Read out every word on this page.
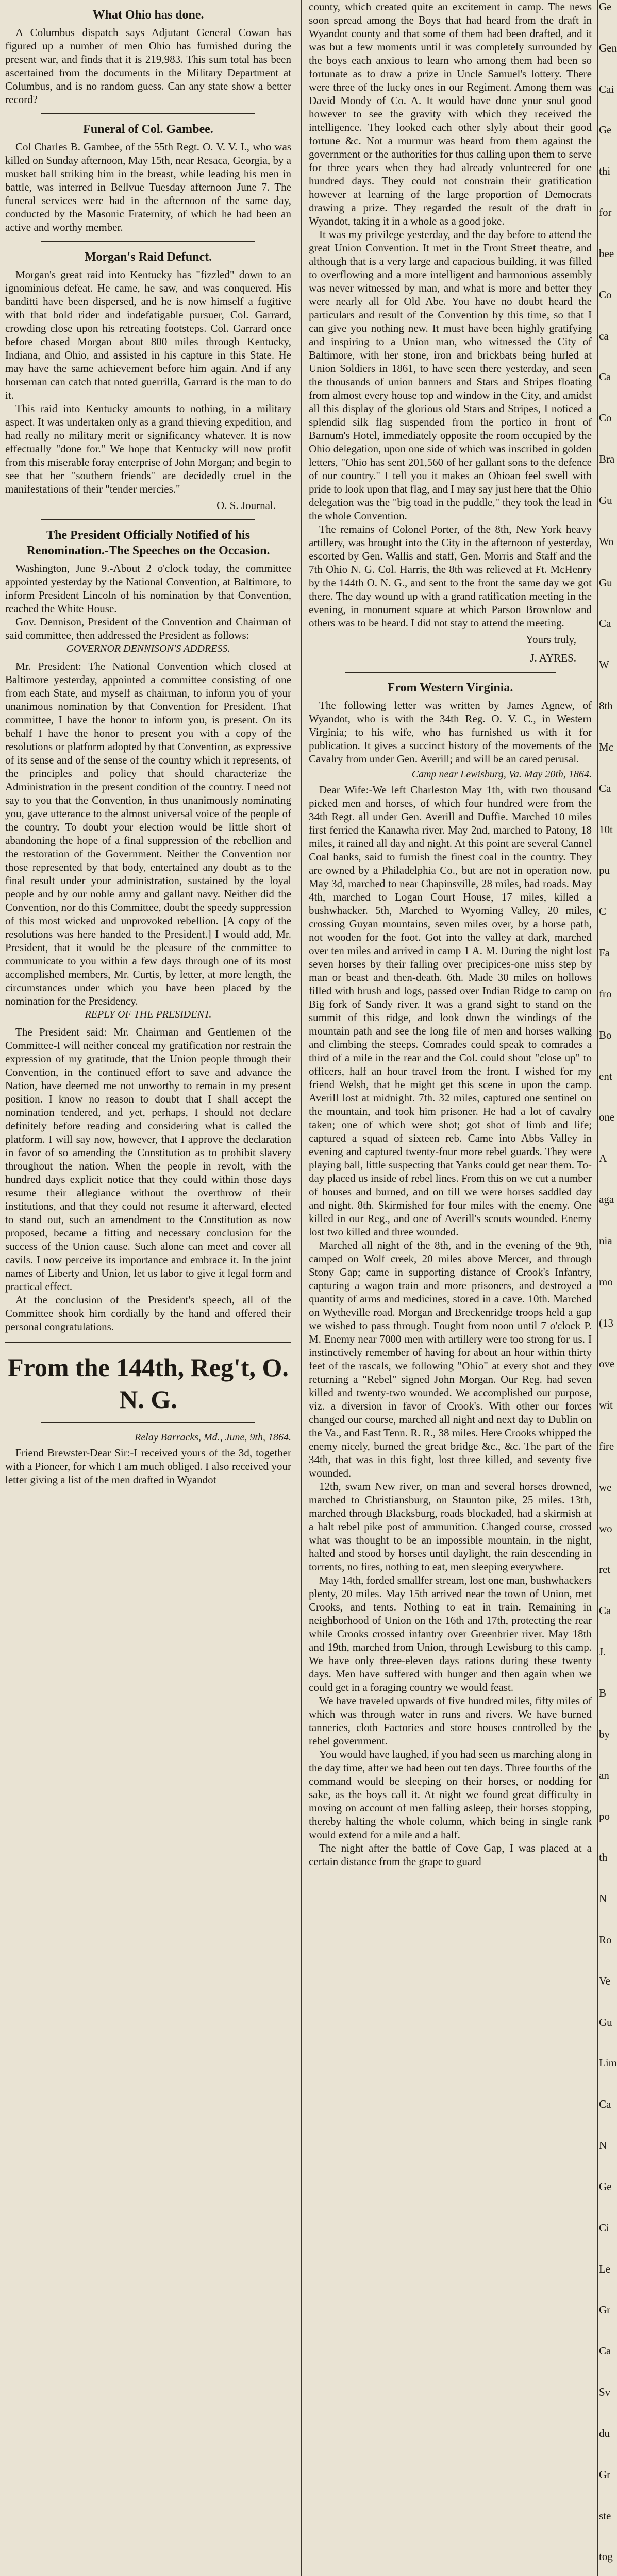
What Ohio has done.

A Columbus dispatch says Adjutant General Cowan has figured up a number of men Ohio has furnished during the present war, and finds that it is 219,983. This sum total has been ascertained from the documents in the Military Department at Columbus, and is no random guess. Can any state show a better record?

Funeral of Col. Gambee.

Col Charles B. Gambee, of the 55th Regt. O. V. V. I., who was killed on Sunday afternoon, May 15th, near Resaca, Georgia, by a musket ball striking him in the breast, while leading his men in battle, was interred in Bellvue Tuesday afternoon June 7. The funeral services were had in the afternoon of the same day, conducted by the Masonic Fraternity, of which he had been an active and worthy member.

Morgan's Raid Defunct.

Morgan's great raid into Kentucky has "fizzled" down to an ignominious defeat. He came, he saw, and was conquered. His banditti have been dispersed, and he is now himself a fugitive with that bold rider and indefatigable pursuer, Col. Garrard, crowding close upon his retreating footsteps. Col. Garrard once before chased Morgan about 800 miles through Kentucky, Indiana, and Ohio, and assisted in his capture in this State. He may have the same achievement before him again. And if any horseman can catch that noted guerrilla, Garrard is the man to do it.

This raid into Kentucky amounts to nothing, in a military aspect. It was undertaken only as a grand thieving expedition, and had really no military merit or significancy whatever. It is now effectually "done for." We hope that Kentucky will now profit from this miserable foray enterprise of John Morgan; and begin to see that her "southern friends" are decidedly cruel in the manifestations of their "tender mercies."

O. S. Journal.
The President Officially Notified of his Renomination.-The Speeches on the Occasion.

Washington, June 9.-About 2 o'clock today, the committee appointed yesterday by the National Convention, at Baltimore, to inform President Lincoln of his nomination by that Convention, reached the White House.

Gov. Dennison, President of the Convention and Chairman of said committee, then addressed the President as follows:

GOVERNOR DENNISON'S ADDRESS.

Mr. President: The National Convention which closed at Baltimore yesterday, appointed a committee consisting of one from each State, and myself as chairman, to inform you of your unanimous nomination by that Convention for President. That committee, I have the honor to inform you, is present. On its behalf I have the honor to present you with a copy of the resolutions or platform adopted by that Convention, as expressive of its sense and of the sense of the country which it represents, of the principles and policy that should characterize the Administration in the present condition of the country. I need not say to you that the Convention, in thus unanimously nominating you, gave utterance to the almost universal voice of the people of the country. To doubt your election would be little short of abandoning the hope of a final suppression of the rebellion and the restoration of the Government. Neither the Convention nor those represented by that body, entertained any doubt as to the final result under your administration, sustained by the loyal people and by our noble army and gallant navy. Neither did the Convention, nor do this Committee, doubt the speedy suppression of this most wicked and unprovoked rebellion. [A copy of the resolutions was here handed to the President.] I would add, Mr. President, that it would be the pleasure of the committee to communicate to you within a few days through one of its most accomplished members, Mr. Curtis, by letter, at more length, the circumstances under which you have been placed by the nomination for the Presidency.

REPLY OF THE PRESIDENT.

The President said: Mr. Chairman and Gentlemen of the Committee-I will neither conceal my gratification nor restrain the expression of my gratitude, that the Union people through their Convention, in the continued effort to save and advance the Nation, have deemed me not unworthy to remain in my present position. I know no reason to doubt that I shall accept the nomination tendered, and yet, perhaps, I should not declare definitely before reading and considering what is called the platform. I will say now, however, that I approve the declaration in favor of so amending the Constitution as to prohibit slavery throughout the nation. When the people in revolt, with the hundred days explicit notice that they could within those days resume their allegiance without the overthrow of their institutions, and that they could not resume it afterward, elected to stand out, such an amendment to the Constitution as now proposed, became a fitting and necessary conclusion for the success of the Union cause. Such alone can meet and cover all cavils. I now perceive its importance and embrace it. In the joint names of Liberty and Union, let us labor to give it legal form and practical effect.

At the conclusion of the President's speech, all of the Committee shook him cordially by the hand and offered their personal congratulations.

From the 144th, Reg't, O. N. G.
Relay Barracks, Md., June, 9th, 1864.

Friend Brewster-Dear Sir:-I received yours of the 3d, together with a Pioneer, for which I am much obliged. I also received your letter giving a list of the men drafted in Wyandot

county, which created quite an excitement in camp. The news soon spread among the Boys that had heard from the draft in Wyandot county and that some of them had been drafted, and it was but a few moments until it was completely surrounded by the boys each anxious to learn who among them had been so fortunate as to draw a prize in Uncle Samuel's lottery. There were three of the lucky ones in our Regiment. Among them was David Moody of Co. A. It would have done your soul good however to see the gravity with which they received the intelligence. They looked each other slyly about their good fortune &c. Not a murmur was heard from them against the government or the authorities for thus calling upon them to serve for three years when they had already volunteered for one hundred days. They could not constrain their gratification however at learning of the large proportion of Democrats drawing a prize. They regarded the result of the draft in Wyandot, taking it in a whole as a good joke.

It was my privilege yesterday, and the day before to attend the great Union Convention. It met in the Front Street theatre, and although that is a very large and capacious building, it was filled to overflowing and a more intelligent and harmonious assembly was never witnessed by man, and what is more and better they were nearly all for Old Abe. You have no doubt heard the particulars and result of the Convention by this time, so that I can give you nothing new. It must have been highly gratifying and inspiring to a Union man, who witnessed the City of Baltimore, with her stone, iron and brickbats being hurled at Union Soldiers in 1861, to have seen there yesterday, and seen the thousands of union banners and Stars and Stripes floating from almost every house top and window in the City, and amidst all this display of the glorious old Stars and Stripes, I noticed a splendid silk flag suspended from the portico in front of Barnum's Hotel, immediately opposite the room occupied by the Ohio delegation, upon one side of which was inscribed in golden letters, "Ohio has sent 201,560 of her gallant sons to the defence of our country." I tell you it makes an Ohioan feel swell with pride to look upon that flag, and I may say just here that the Ohio delegation was the "big toad in the puddle," they took the lead in the whole Convention.

The remains of Colonel Porter, of the 8th, New York heavy artillery, was brought into the City in the afternoon of yesterday, escorted by Gen. Wallis and staff, Gen. Morris and Staff and the 7th Ohio N. G. Col. Harris, the 8th was relieved at Ft. McHenry by the 144th O. N. G., and sent to the front the same day we got there. The day wound up with a grand ratification meeting in the evening, in monument square at which Parson Brownlow and others was to be heard. I did not stay to attend the meeting.

Yours truly,
J. AYRES.
From Western Virginia.

The following letter was written by James Agnew, of Wyandot, who is with the 34th Reg. O. V. C., in Western Virginia; to his wife, who has furnished us with it for publication. It gives a succinct history of the movements of the Cavalry from under Gen. Averill; and will be an cared perusal.

Camp near Lewisburg, Va. May 20th, 1864.

Dear Wife:-We left Charleston May 1th, with two thousand picked men and horses, of which four hundred were from the 34th Regt. all under Gen. Averill and Duffie. Marched 10 miles first ferried the Kanawha river. May 2nd, marched to Patony, 18 miles, it rained all day and night. At this point are several Cannel Coal banks, said to furnish the finest coal in the country. They are owned by a Philadelphia Co., but are not in operation now. May 3d, marched to near Chapinsville, 28 miles, bad roads. May 4th, marched to Logan Court House, 17 miles, killed a bushwhacker. 5th, Marched to Wyoming Valley, 20 miles, crossing Guyan mountains, seven miles over, by a horse path, not wooden for the foot. Got into the valley at dark, marched over ten miles and arrived in camp 1 A. M. During the night lost seven horses by their falling over precipices-one miss step by man or beast and then-death. 6th. Made 30 miles on hollows filled with brush and logs, passed over Indian Ridge to camp on Big fork of Sandy river. It was a grand sight to stand on the summit of this ridge, and look down the windings of the mountain path and see the long file of men and horses walking and climbing the steeps. Comrades could speak to comrades a third of a mile in the rear and the Col. could shout "close up" to officers, half an hour travel from the front. I wished for my friend Welsh, that he might get this scene in upon the camp. Averill lost at midnight. 7th. 32 miles, captured one sentinel on the mountain, and took him prisoner. He had a lot of cavalry taken; one of which were shot; got shot of limb and life; captured a squad of sixteen reb. Came into Abbs Valley in evening and captured twenty-four more rebel guards. They were playing ball, little suspecting that Yanks could get near them. To-day placed us inside of rebel lines. From this on we cut a number of houses and burned, and on till we were horses saddled day and night. 8th. Skirmished for four miles with the enemy. One killed in our Reg., and one of Averill's scouts wounded. Enemy lost two killed and three wounded.

Marched all night of the 8th, and in the evening of the 9th, camped on Wolf creek, 20 miles above Mercer, and through Stony Gap; came in supporting distance of Crook's Infantry, capturing a wagon train and more prisoners, and destroyed a quantity of arms and medicines, stored in a cave. 10th. Marched on Wytheville road. Morgan and Breckenridge troops held a gap we wished to pass through. Fought from noon until 7 o'clock P. M. Enemy near 7000 men with artillery were too strong for us. I instinctively remember of having for about an hour within thirty feet of the rascals, we following "Ohio" at every shot and they returning a "Rebel" signed John Morgan. Our Reg. had seven killed and twenty-two wounded. We accomplished our purpose, viz. a diversion in favor of Crook's. With other our forces changed our course, marched all night and next day to Dublin on the Va., and East Tenn. R. R., 38 miles. Here Crooks whipped the enemy nicely, burned the great bridge &c., &c. The part of the 34th, that was in this fight, lost three killed, and seventy five wounded.

12th, swam New river, on man and several horses drowned, marched to Christiansburg, on Staunton pike, 25 miles. 13th, marched through Blacksburg, roads blockaded, had a skirmish at a halt rebel pike post of ammunition. Changed course, crossed what was thought to be an impossible mountain, in the night, halted and stood by horses until daylight, the rain descending in torrents, no fires, nothing to eat, men sleeping everywhere.

May 14th, forded smallfer stream, lost one man, bushwhackers plenty, 20 miles. May 15th arrived near the town of Union, met Crooks, and tents. Nothing to eat in train. Remaining in neighborhood of Union on the 16th and 17th, protecting the rear while Crooks crossed infantry over Greenbrier river. May 18th and 19th, marched from Union, through Lewisburg to this camp. We have only three-eleven days rations during these twenty days. Men have suffered with hunger and then again when we could get in a foraging country we would feast.

We have traveled upwards of five hundred miles, fifty miles of which was through water in runs and rivers. We have burned tanneries, cloth Factories and store houses controlled by the rebel government.

You would have laughed, if you had seen us marching along in the day time, after we had been out ten days. Three fourths of the command would be sleeping on their horses, or nodding for sake, as the boys call it. At night we found great difficulty in moving on account of men falling asleep, their horses stopping, thereby halting the whole column, which being in single rank would extend for a mile and a half.

The night after the battle of Cove Gap, I was placed at a certain distance from the grape to guard

Ge
Gen
Cai
Ge
thi
for
bee
Co
ca
Ca
Co
Bra
Gu
Wo
Gu
Ca
W
8th
Mc
Ca
10t
pu
C
Fa
fro
Bo
ent
one
A
aga
nia
mo
(13
ove
wit
fire
we
wo
ret
Ca
J.
B
by
an
po
th
N
Ro
Ve
Gu
Lim
Ca
N
Ge
Ci
Le
Gr
Ca
Sv
du
Gr
ste
tog
